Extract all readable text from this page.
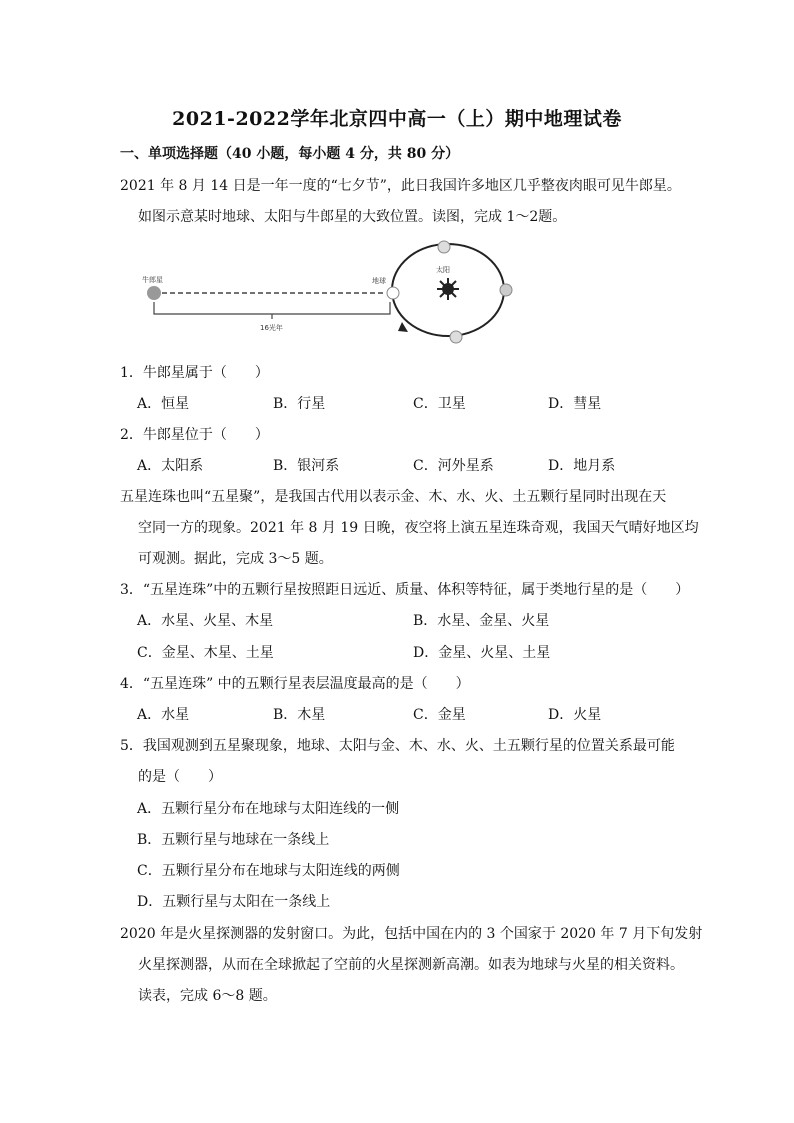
2021-2022学年北京四中高一（上）期中地理试卷
一、单项选择题（40 小题，每小题 4 分，共 80 分）
2021 年 8 月 14 日是一年一度的“七夕节”，此日我国许多地区几乎整夜肉眼可见牛郎星。
如图示意某时地球、太阳与牛郎星的大致位置。读图，完成 1～2题。
太阳
地球
牛郎星
16光年
1．牛郎星属于（　　）
A．恒星	B．行星	C．卫星	D．彗星
2．牛郎星位于（　　）
A．太阳系	B．银河系	C．河外星系	D．地月系
五星连珠也叫“五星聚”，是我国古代用以表示金、木、水、火、土五颗行星同时出现在天
空同一方的现象。2021 年 8 月 19 日晚，夜空将上演五星连珠奇观，我国天气晴好地区均
可观测。据此，完成 3～5 题。
3．“五星连珠”中的五颗行星按照距日远近、质量、体积等特征，属于类地行星的是（　　）
A．水星、火星、木星	B．水星、金星、火星
C．金星、木星、土星	D．金星、火星、土星
4．“五星连珠” 中的五颗行星表层温度最高的是（　　）
A．水星	B．木星	C．金星	D．火星
5．我国观测到五星聚现象，地球、太阳与金、木、水、火、土五颗行星的位置关系最可能
的是（　　）
A．五颗行星分布在地球与太阳连线的一侧
B．五颗行星与地球在一条线上
C．五颗行星分布在地球与太阳连线的两侧
D．五颗行星与太阳在一条线上
2020 年是火星探测器的发射窗口。为此，包括中国在内的 3 个国家于 2020 年 7 月下旬发射
火星探测器，从而在全球掀起了空前的火星探测新高潮。如表为地球与火星的相关资料。
读表，完成 6～8 题。
